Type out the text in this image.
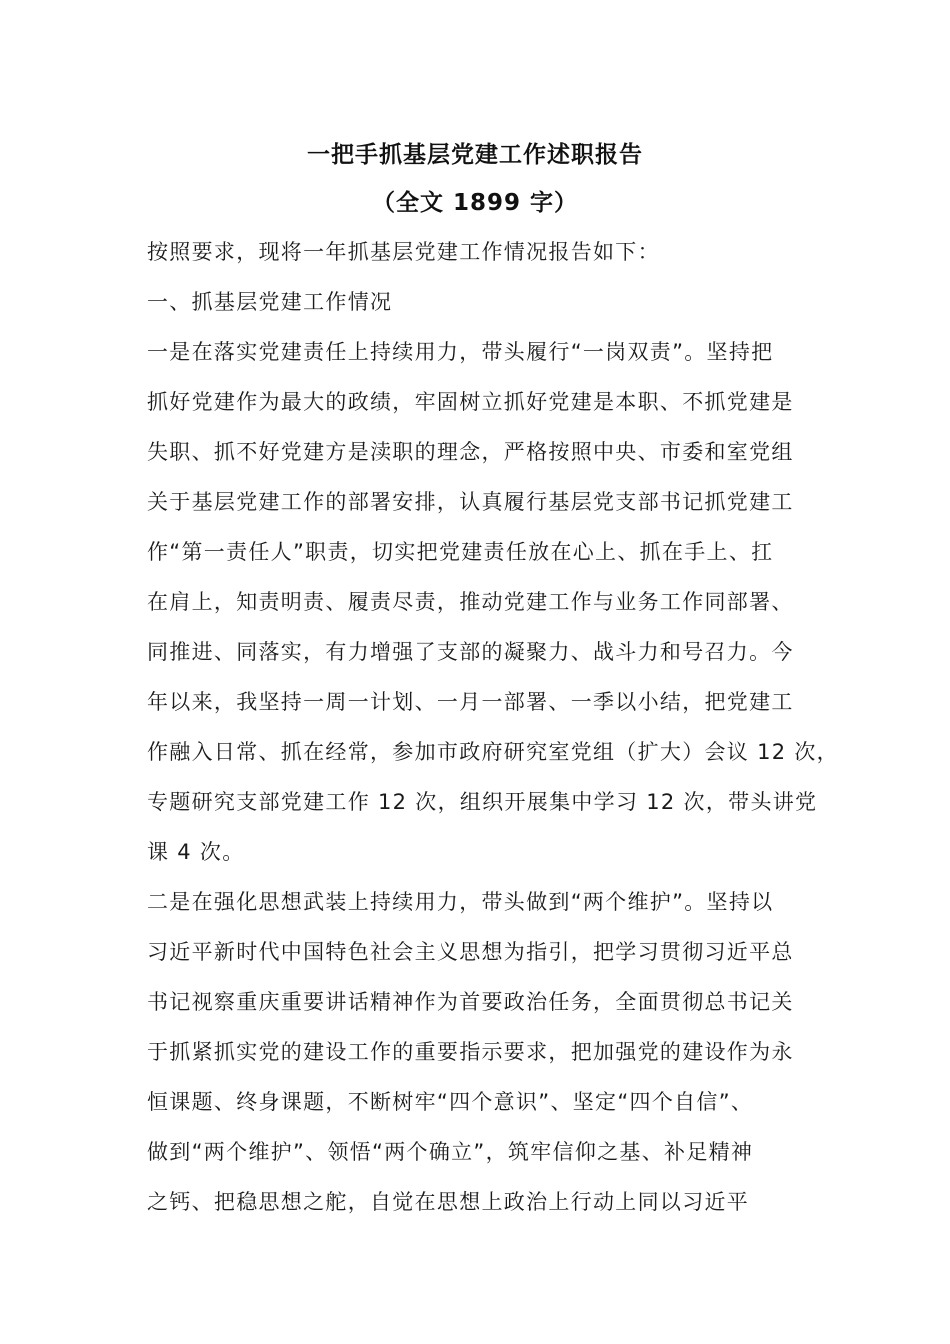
一把手抓基层党建工作述职报告
（全文 1899 字）
按照要求，现将一年抓基层党建工作情况报告如下：
一、抓基层党建工作情况
一是在落实党建责任上持续用力，带头履行“一岗双责”。坚持把
抓好党建作为最大的政绩，牢固树立抓好党建是本职、不抓党建是
失职、抓不好党建方是渎职的理念，严格按照中央、市委和室党组
关于基层党建工作的部署安排，认真履行基层党支部书记抓党建工
作“第一责任人”职责，切实把党建责任放在心上、抓在手上、扛
在肩上，知责明责、履责尽责，推动党建工作与业务工作同部署、
同推进、同落实，有力增强了支部的凝聚力、战斗力和号召力。今
年以来，我坚持一周一计划、一月一部署、一季以小结，把党建工
作融入日常、抓在经常，参加市政府研究室党组（扩大）会议 12 次，
专题研究支部党建工作 12 次，组织开展集中学习 12 次，带头讲党
课 4 次。
二是在强化思想武装上持续用力，带头做到“两个维护”。坚持以
习近平新时代中国特色社会主义思想为指引，把学习贯彻习近平总
书记视察重庆重要讲话精神作为首要政治任务，全面贯彻总书记关
于抓紧抓实党的建设工作的重要指示要求，把加强党的建设作为永
恒课题、终身课题，不断树牢“四个意识”、坚定“四个自信”、
做到“两个维护”、领悟“两个确立”，筑牢信仰之基、补足精神
之钙、把稳思想之舵，自觉在思想上政治上行动上同以习近平
